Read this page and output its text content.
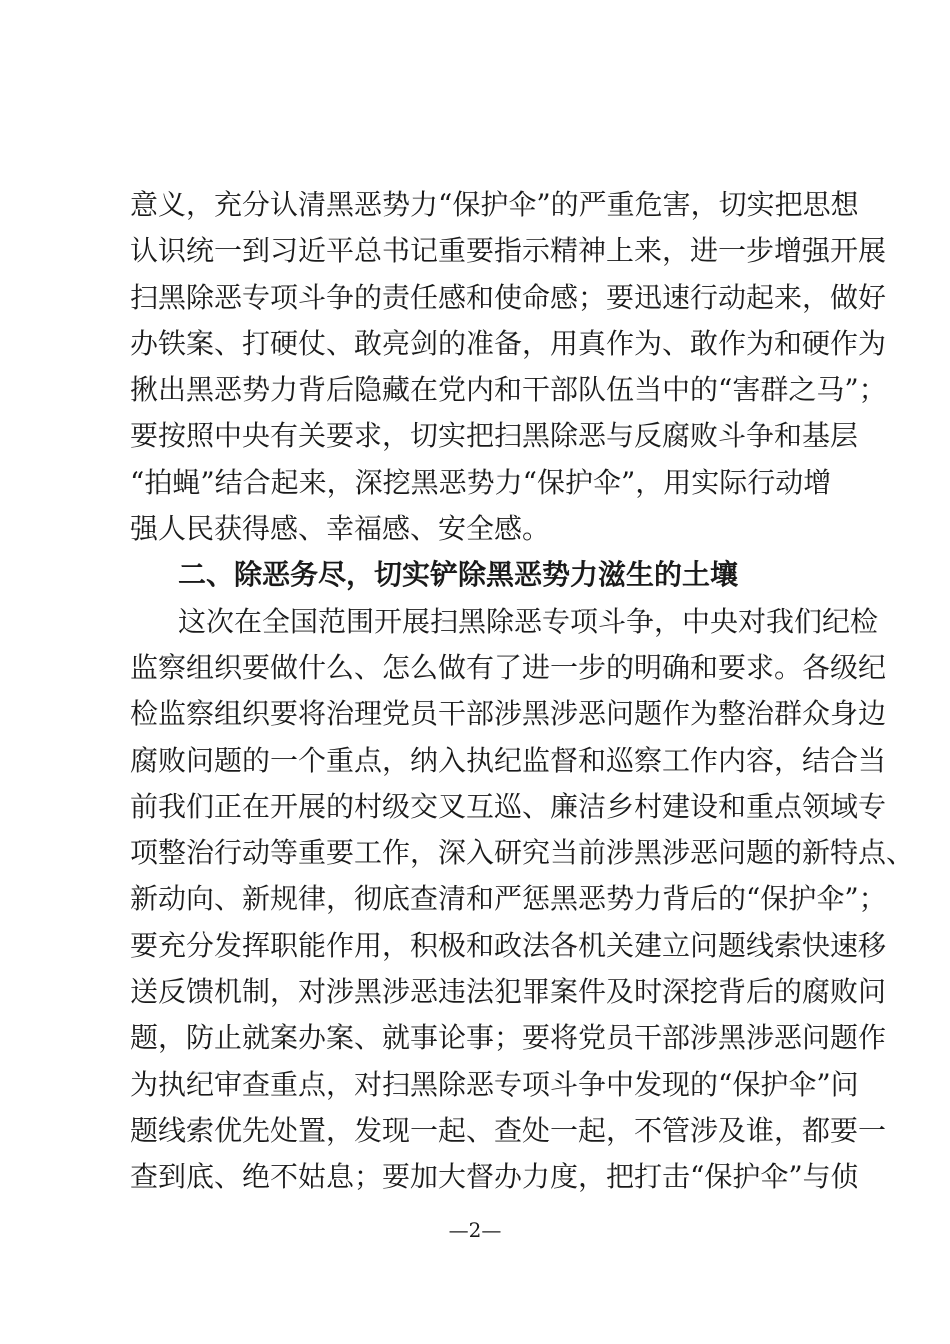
意义，充分认清黑恶势力“保护伞”的严重危害，切实把思想
认识统一到习近平总书记重要指示精神上来，进一步增强开展
扫黑除恶专项斗争的责任感和使命感；要迅速行动起来，做好
办铁案、打硬仗、敢亮剑的准备，用真作为、敢作为和硬作为
揪出黑恶势力背后隐藏在党内和干部队伍当中的“害群之马”；
要按照中央有关要求，切实把扫黑除恶与反腐败斗争和基层
“拍蝇”结合起来，深挖黑恶势力“保护伞”，用实际行动增
强人民获得感、幸福感、安全感。
二、除恶务尽，切实铲除黑恶势力滋生的土壤
这次在全国范围开展扫黑除恶专项斗争，中央对我们纪检
监察组织要做什么、怎么做有了进一步的明确和要求。各级纪
检监察组织要将治理党员干部涉黑涉恶问题作为整治群众身边
腐败问题的一个重点，纳入执纪监督和巡察工作内容，结合当
前我们正在开展的村级交叉互巡、廉洁乡村建设和重点领域专
项整治行动等重要工作，深入研究当前涉黑涉恶问题的新特点、
新动向、新规律，彻底查清和严惩黑恶势力背后的“保护伞”；
要充分发挥职能作用，积极和政法各机关建立问题线索快速移
送反馈机制，对涉黑涉恶违法犯罪案件及时深挖背后的腐败问
题，防止就案办案、就事论事；要将党员干部涉黑涉恶问题作
为执纪审查重点，对扫黑除恶专项斗争中发现的“保护伞”问
题线索优先处置，发现一起、查处一起，不管涉及谁，都要一
查到底、绝不姑息；要加大督办力度，把打击“保护伞”与侦
—2—
